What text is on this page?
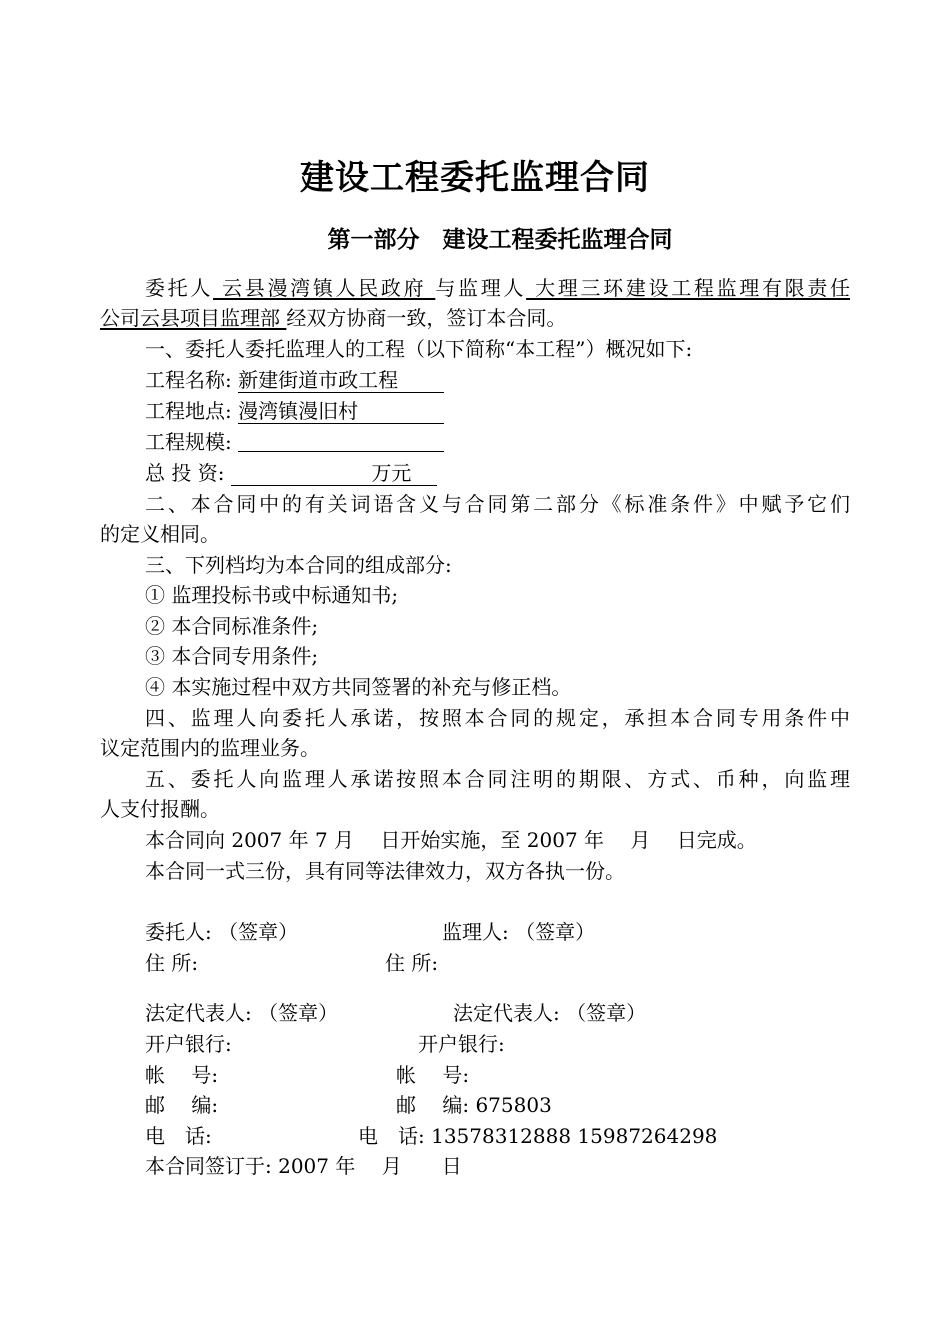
建设工程委托监理合同
第一部分　建设工程委托监理合同
委托人 云县漫湾镇人民政府 与监理人 大理三环建设工程监理有限责任
公司云县项目监理部 经双方协商一致，签订本合同。
一、委托人委托监理人的工程（以下简称“本工程”）概况如下:
工程名称: 新建街道市政工程
工程地点: 漫湾镇漫旧村
工程规模:
总 投 资:	万元
二、本合同中的有关词语含义与合同第二部分《标准条件》中赋予它们
的定义相同。
三、下列档均为本合同的组成部分:
① 监理投标书或中标通知书;
② 本合同标准条件;
③ 本合同专用条件;
④ 本实施过程中双方共同签署的补充与修正档。
四、监理人向委托人承诺，按照本合同的规定，承担本合同专用条件中
议定范围内的监理业务。
五、委托人向监理人承诺按照本合同注明的期限、方式、币种，向监理
人支付报酬。
本合同向 2007 年 7 月　 日开始实施，至 2007 年　 月　 日完成。
本合同一式三份，具有同等法律效力，双方各执一份。
委托人: （签章）	监理人: （签章）
住 所:	住 所:
法定代表人: （签章）	法定代表人: （签章）
开户银行:	开户银行:
帐　 号:	帐　 号:
邮　 编:	邮　 编: 675803
电　话:	电　话: 13578312888 15987264298
本合同签订于: 2007 年　 月　　日
